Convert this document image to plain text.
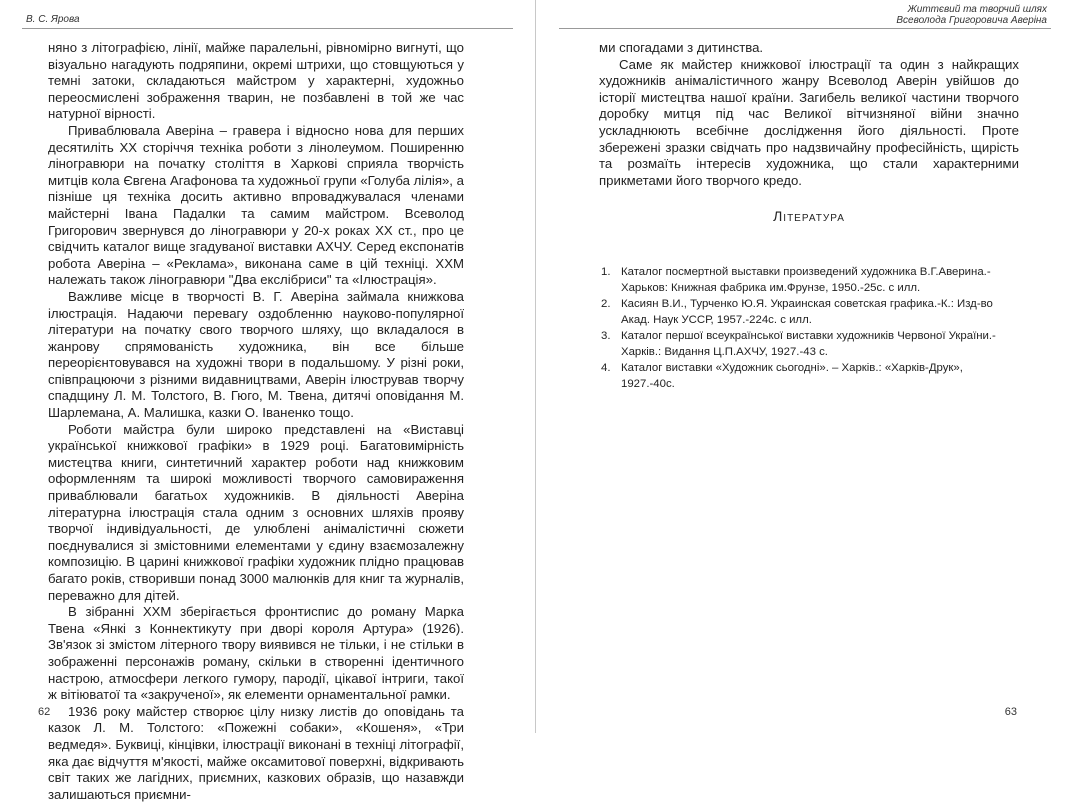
В. С. Ярова

няно з літографією, лінії, майже паралельні, рівномірно вигнуті, що візуально нагадують подряпини, окремі штрихи, що стовщуються у темні затоки, складаються майстром у характерні, художньо переосмислені зображення тварин, не позбавлені в той же час натурної вірності.

Приваблювала Аверіна – гравера і відносно нова для перших десятиліть XX сторіччя техніка роботи з лінолеумом. Поширенню ліногравюри на початку століття в Харкові сприяла творчість митців кола Євгена Агафонова та художньої групи «Голуба лілія», а пізніше ця техніка досить активно впроваджувалася членами майстерні Івана Падалки та самим майстром. Всеволод Григорович звернувся до ліногравюри у 20-х роках XX ст., про це свідчить каталог вище згадуваної виставки АХЧУ. Серед експонатів робота Аверіна – «Реклама», виконана саме в цій техніці. ХХМ належать також ліногравюри "Два екслібриси" та «Ілюстрація».

Важливе місце в творчості В. Г. Аверіна займала книжкова ілюстрація. Надаючи перевагу оздобленню науково-популярної літератури на початку свого творчого шляху, що вкладалося в жанрову спрямованість художника, він все більше переорієнтовувався на художні твори в подальшому. У різні роки, співпрацюючи з різними видавництвами, Аверін ілюстрував творчу спадщину Л. М. Толстого, В. Гюго, М. Твена, дитячі оповідання М. Шарлемана, А. Малишка, казки О. Іваненко тощо.

Роботи майстра були широко представлені на «Виставці української книжкової графіки» в 1929 році. Багатовимірність мистецтва книги, синтетичний характер роботи над книжковим оформленням та широкі можливості творчого самовираження приваблювали багатьох художників. В діяльності Аверіна літературна ілюстрація стала одним з основних шляхів прояву творчої індивідуальності, де улюблені анімалістичні сюжети поєднувалися зі змістовними елементами у єдину взаємозалежну композицію. В царині книжкової графіки художник плідно працював багато років, створивши понад 3000 малюнків для книг та журналів, переважно для дітей.

В зібранні ХХМ зберігається фронтиспис до роману Марка Твена «Янкі з Коннектикуту при дворі короля Артура» (1926). Зв'язок зі змістом літерного твору виявився не тільки, і не стільки в зображенні персонажів роману, скільки в створенні ідентичного настрою, атмосфери легкого гумору, пародії, цікавої інтриги, такої ж вітіюватої та «закрученої», як елементи орнаментальної рамки.

1936 року майстер створює цілу низку листів до оповідань та казок Л. М. Толстого: «Пожежні собаки», «Кошеня», «Три ведмедя». Буквиці, кінцівки, ілюстрації виконані в техніці літографії, яка дає відчуття м'якості, майже оксамитової поверхні, відкривають світ таких же лагідних, приємних, казкових образів, що назавжди залишаються приємни-

62
Життєвий та творчий шлях
Всеволода Григоровича Аверіна

ми спогадами з дитинства.

Саме як майстер книжкової ілюстрації та один з найкращих художників анімалістичного жанру Всеволод Аверін увійшов до історії мистецтва нашої країни. Загибель великої частини творчого доробку митця під час Великої вітчизняної війни значно ускладнюють всебічне дослідження його діяльності. Проте збережені зразки свідчать про надзвичайну професійність, щирість та розмаїть інтересів художника, що стали характерними прикметами його творчого кредо.

Література
1. Каталог посмертной выставки произведений художника В.Г.Аверина.-Харьков: Книжная фабрика им.Фрунзе, 1950.-25с. с илл.
2. Касиян В.И., Турченко Ю.Я. Украинская советская графика.-К.: Изд-во Акад. Наук УССР, 1957.-224с. с илл.
3. Каталог першої всеукраїнської виставки художників Червоної України.-Харків.: Видання Ц.П.АХЧУ, 1927.-43 с.
4. Каталог виставки «Художник сьогодні». – Харків.: «Харків-Друк», 1927.-40с.
63
